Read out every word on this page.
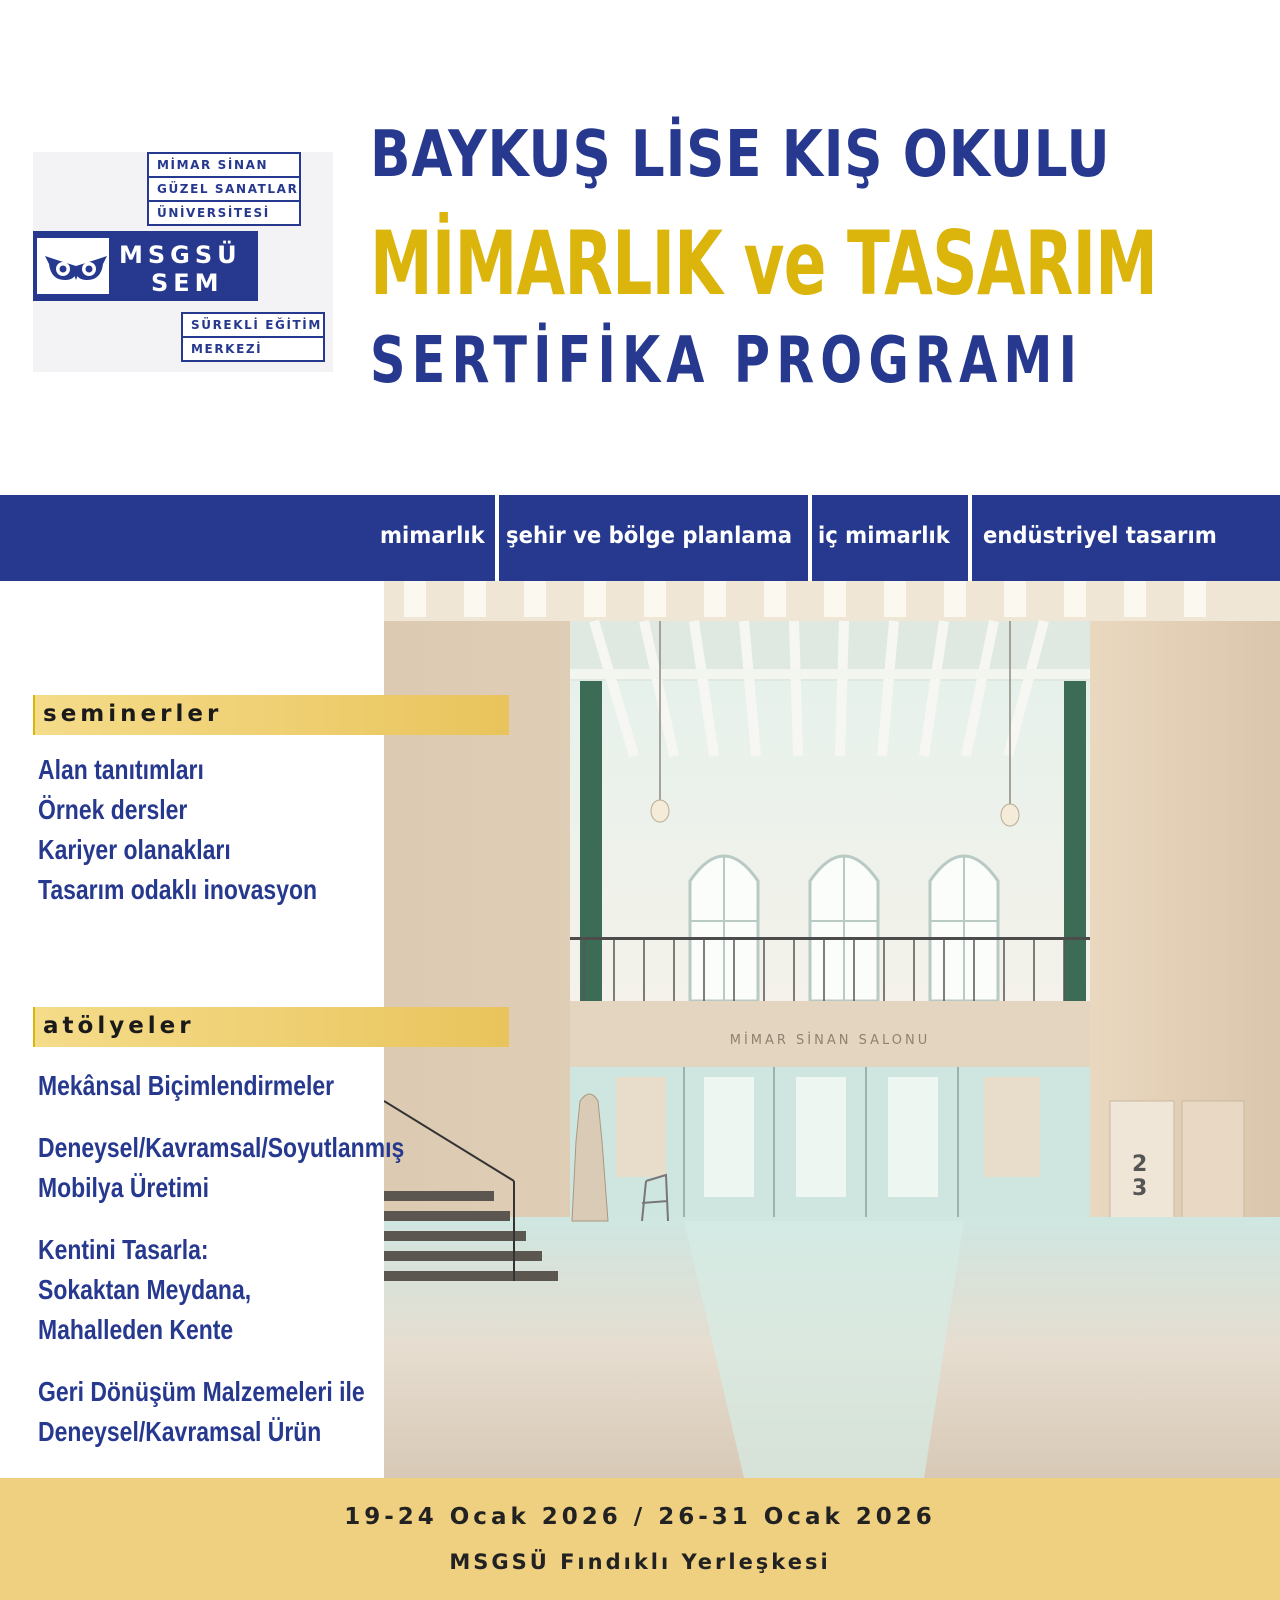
MİMAR SİNAN
GÜZEL SANATLAR
ÜNİVERSİTESİ
MSGSÜ
SEM
SÜREKLİ EĞİTİM
MERKEZİ
BAYKUŞ LİSE KIŞ OKULU
MİMARLIK ve TASARIM
SERTİFİKA PROGRAMI
mimarlık şehir ve bölge planlama iç mimarlık endüstriyel tasarım
MİMAR SİNAN SALONU
2
3
seminerler
Alan tanıtımları
Örnek dersler
Kariyer olanakları
Tasarım odaklı inovasyon
atölyeler
Mekânsal Biçimlendirmeler
Deneysel/Kavramsal/Soyutlanmış
Mobilya Üretimi
Kentini Tasarla:
Sokaktan Meydana,
Mahalleden Kente
Geri Dönüşüm Malzemeleri ile
Deneysel/Kavramsal Ürün
19-24 Ocak 2026 / 26-31 Ocak 2026
MSGSÜ Fındıklı Yerleşkesi
